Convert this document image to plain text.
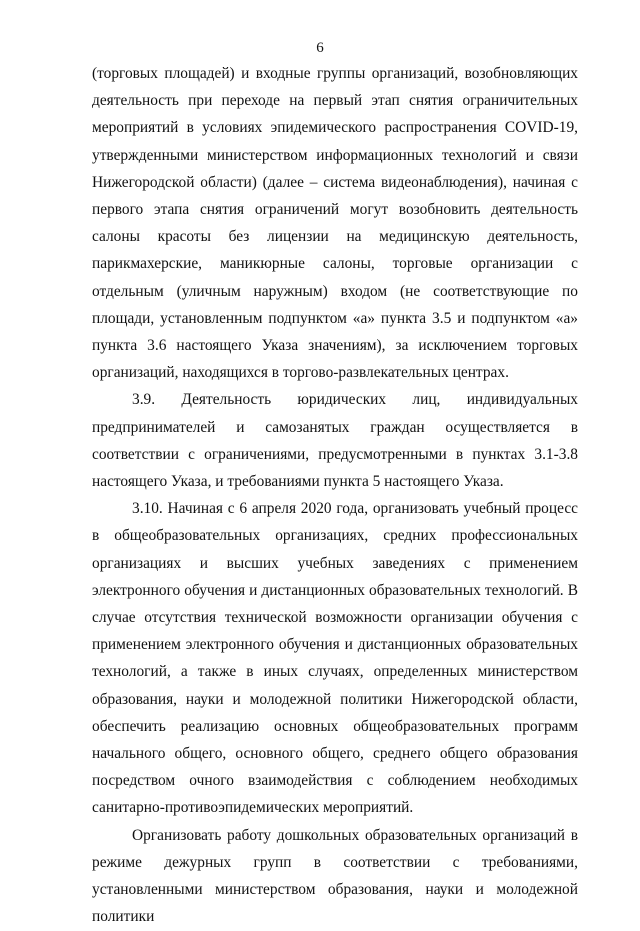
6

(торговых площадей) и входные группы организаций, возобновляющих деятельность при переходе на первый этап снятия ограничительных мероприятий в условиях эпидемического распространения COVID-19, утвержденными министерством информационных технологий и связи Нижегородской области) (далее – система видеонаблюдения), начиная с первого этапа снятия ограничений могут возобновить деятельность салоны красоты без лицензии на медицинскую деятельность, парикмахерские, маникюрные салоны, торговые организации с отдельным (уличным наружным) входом (не соответствующие по площади, установленным подпунктом «а» пункта 3.5 и подпунктом «а» пункта 3.6 настоящего Указа значениям), за исключением торговых организаций, находящихся в торгово-развлекательных центрах.

3.9. Деятельность юридических лиц, индивидуальных предпринимателей и самозанятых граждан осуществляется в соответствии с ограничениями, предусмотренными в пунктах 3.1-3.8 настоящего Указа, и требованиями пункта 5 настоящего Указа.

3.10. Начиная с 6 апреля 2020 года, организовать учебный процесс в общеобразовательных организациях, средних профессиональных организациях и высших учебных заведениях с применением электронного обучения и дистанционных образовательных технологий. В случае отсутствия технической возможности организации обучения с применением электронного обучения и дистанционных образовательных технологий, а также в иных случаях, определенных министерством образования, науки и молодежной политики Нижегородской области, обеспечить реализацию основных общеобразовательных программ начального общего, основного общего, среднего общего образования посредством очного взаимодействия с соблюдением необходимых санитарно-противоэпидемических мероприятий.

Организовать работу дошкольных образовательных организаций в режиме дежурных групп в соответствии с требованиями, установленными министерством образования, науки и молодежной политики
